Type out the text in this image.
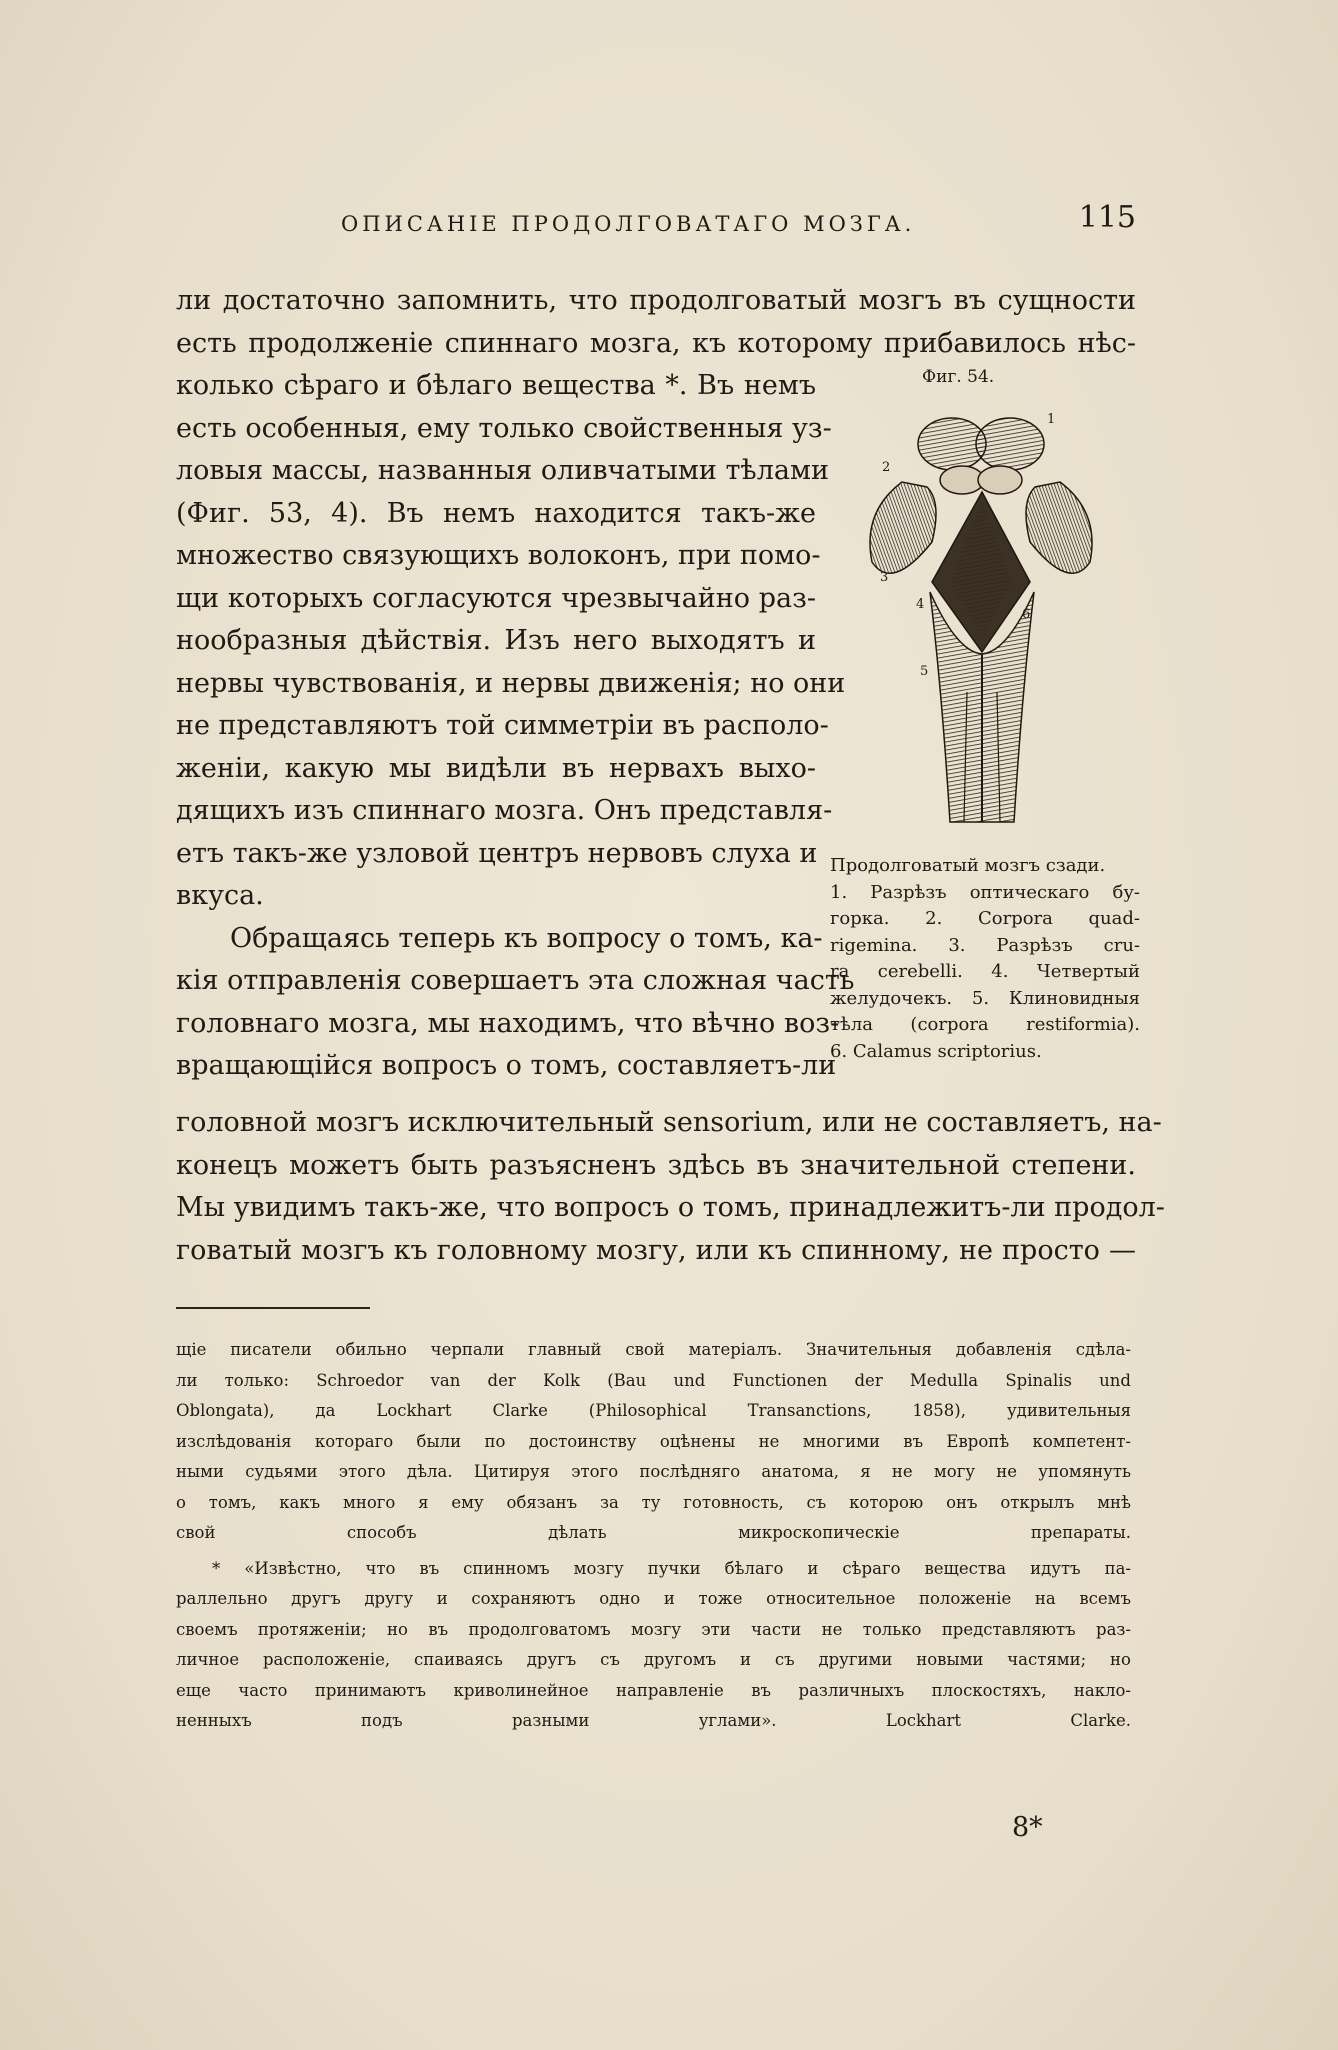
ОПИСАНІЕ ПРОДОЛГОВАТАГО МОЗГА.	115
ли достаточно запомнить, что продолговатый мозгъ въ сущности
есть продолженіе спиннаго мозга, къ которому прибавилось нѣс-
колько сѣраго и бѣлаго вещества *. Въ немъ
есть особенныя, ему только свойственныя уз-
ловыя массы, названныя оливчатыми тѣлами
(Фиг. 53, 4). Въ немъ находится такъ-же
множество связующихъ волоконъ, при помо-
щи которыхъ согласуются чрезвычайно раз-
нообразныя дѣйствія. Изъ него выходятъ и
нервы чувствованія, и нервы движенія; но они
не представляютъ той симметріи въ располо-
женіи, какую мы видѣли въ нервахъ выхо-
дящихъ изъ спиннаго мозга. Онъ представля-
етъ такъ-же узловой центръ нервовъ слуха и
вкуса.
Обращаясь теперь къ вопросу о томъ, ка-
кія отправленія совершаетъ эта сложная часть
головнаго мозга, мы находимъ, что вѣчно воз-
вращающійся вопросъ о томъ, составляетъ-ли
Фиг. 54.
1
2
3
4
5
6
Продолговатый мозгъ сзади.
1. Разрѣзъ оптическаго бу-
горка. 2. Corpora quad-
rigemina. 3. Разрѣзъ cru-
ra cerebelli. 4. Четвертый
желудочекъ. 5. Клиновидныя
тѣла (corpora restiformia).
6. Calamus scriptorius.
головной мозгъ исключительный sensorium, или не составляетъ, на-
конецъ можетъ быть разъясненъ здѣсь въ значительной степени.
Мы увидимъ такъ-же, что вопросъ о томъ, принадлежитъ-ли продол-
говатый мозгъ къ головному мозгу, или къ спинному, не просто —
щіе писатели обильно черпали главный свой матеріалъ. Значительныя добавленія сдѣла-
ли только: Schroedor van der Kolk (Bau und Functionen der Medulla Spinalis und
Oblongata), да Lockhart Clarke (Philosophical Transanctions, 1858), удивительныя
изслѣдованія котораго были по достоинству оцѣнены не многими въ Европѣ компетент-
ными судьями этого дѣла. Цитируя этого послѣдняго анатома, я не могу не упомянуть
о томъ, какъ много я ему обязанъ за ту готовность, съ которою онъ открылъ мнѣ
свой способъ дѣлать микроскопическіе препараты.
* «Извѣстно, что въ спинномъ мозгу пучки бѣлаго и сѣраго вещества идутъ па-
раллельно другъ другу и сохраняютъ одно и тоже относительное положеніе на всемъ
своемъ протяженіи; но въ продолговатомъ мозгу эти части не только представляютъ раз-
личное расположеніе, спаиваясь другъ съ другомъ и съ другими новыми частями; но
еще часто принимаютъ криволинейное направленіе въ различныхъ плоскостяхъ, накло-
ненныхъ подъ разными углами». Lockhart Clarke.
8*
